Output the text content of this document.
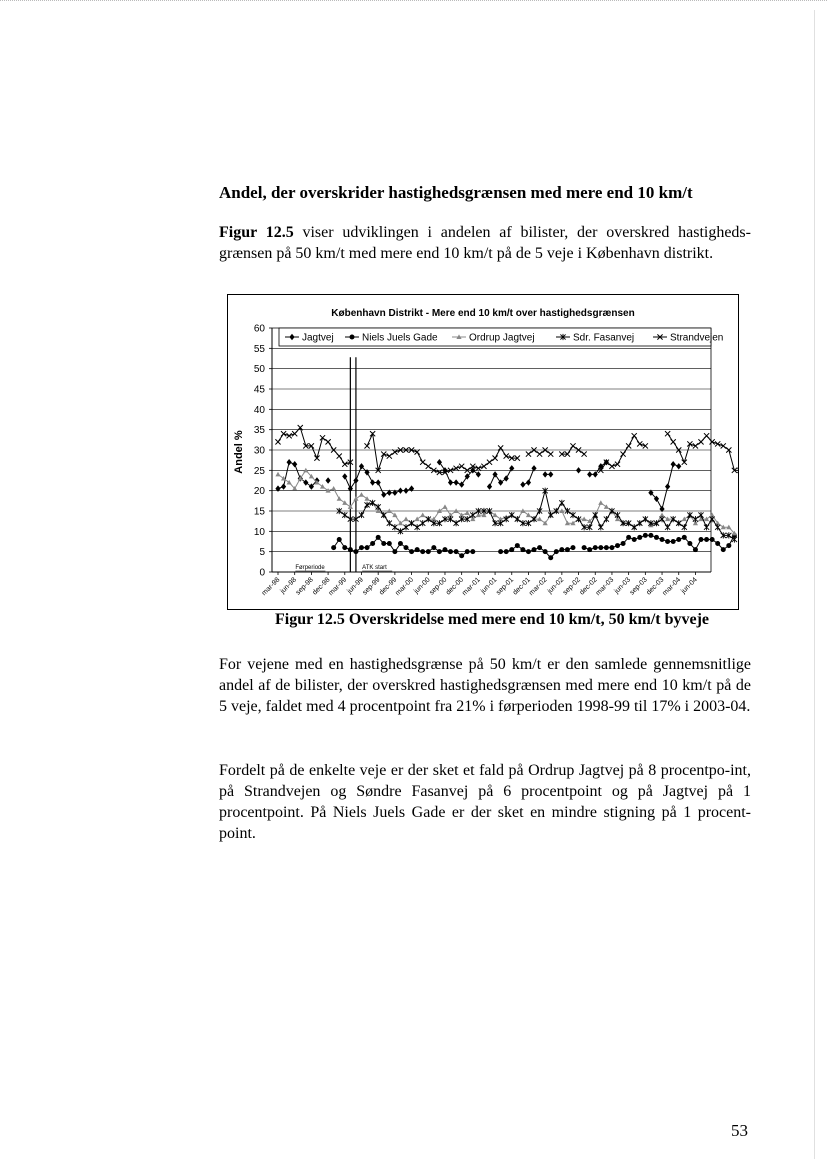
Andel, der overskrider hastighedsgrænsen med mere end 10 km/t
Figur 12.5 viser udviklingen i andelen af bilister, der overskred hastigheds-grænsen på 50 km/t med mere end 10 km/t på de 5 veje i København distrikt.
København Distrikt - Mere end 10 km/t over hastighedsgrænsen
Andel %
0
5
10
15
20
25
30
35
40
45
50
55
60
mar-98
jun-98
sep-98
dec-98
mar-99
jun-99
sep-99
dec-99
mar-00
jun-00
sep-00
dec-00
mar-01
jun-01
sep-01
dec-01
mar-02
jun-02
sep-02
dec-02
mar-03
jun-03
sep-03
dec-03
mar-04
jun-04
Førperiode	ATK start
Jagtvej	Niels Juels Gade	Ordrup Jagtvej	Sdr. Fasanvej	Strandvejen
Figur 12.5 Overskridelse med mere end 10 km/t, 50 km/t byveje
For vejene med en hastighedsgrænse på 50 km/t er den samlede gennemsnitlige andel af de bilister, der overskred hastighedsgrænsen med mere end 10 km/t på de 5 veje, faldet med 4 procentpoint fra 21% i førperioden 1998-99 til 17% i 2003-04.
Fordelt på de enkelte veje er der sket et fald på Ordrup Jagtvej på 8 procentpo-int, på Strandvejen og Søndre Fasanvej på 6 procentpoint og på Jagtvej på 1 procentpoint. På Niels Juels Gade er der sket en mindre stigning på 1 procent-point.
53
